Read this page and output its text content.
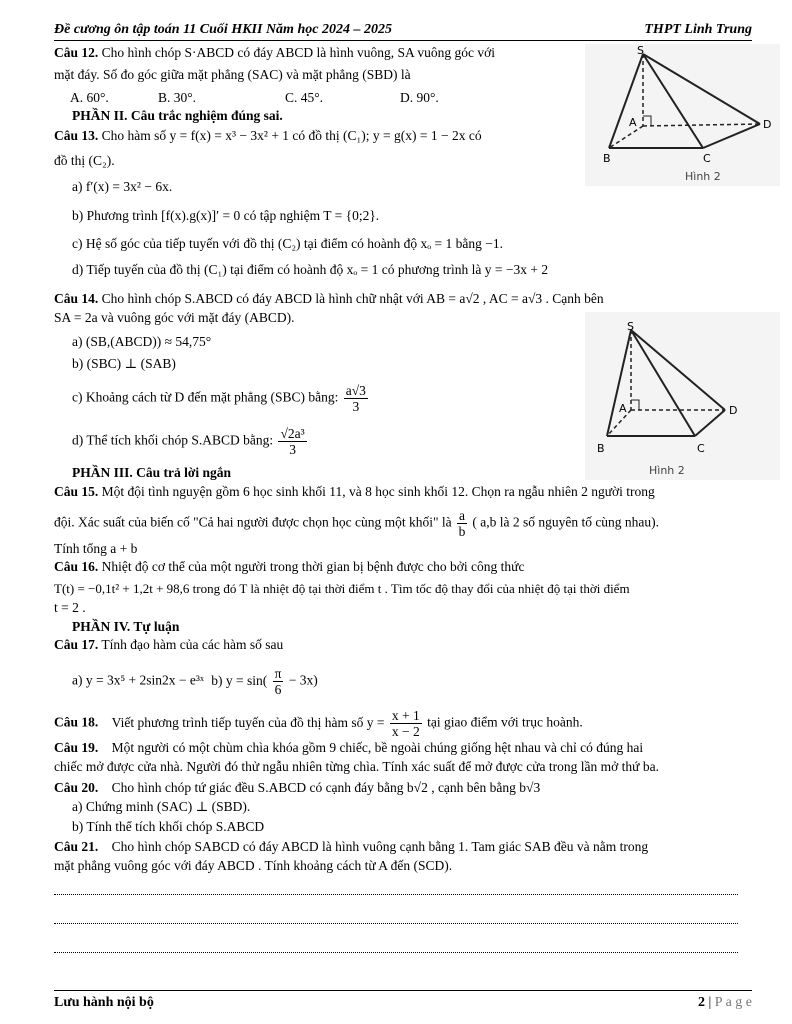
Đề cương ôn tập toán 11 Cuối HKII Năm học 2024 – 2025	THPT Linh Trung
S
A	D
B	C
Hình 2
S
A	D
B	C
Hình 2
Câu 12. Cho hình chóp S·ABCD có đáy ABCD là hình vuông, SA vuông góc với
mặt đáy. Số đo góc giữa mặt phẳng (SAC) và mặt phẳng (SBD) là
A. 60°.	B. 30°.	C. 45°.	D. 90°.
PHẦN II. Câu trắc nghiệm đúng sai.
Câu 13. Cho hàm số y = f(x) = x³ − 3x² + 1 có đồ thị (C₁); y = g(x) = 1 − 2x có
đồ thị (C₂).
a) f′(x) = 3x² − 6x.
b) Phương trình [f(x).g(x)]′ = 0 có tập nghiệm T = {0;2}.
c) Hệ số góc của tiếp tuyến với đồ thị (C₂) tại điểm có hoành độ xₒ = 1 bằng −1.
d) Tiếp tuyến của đồ thị (C₁) tại điểm có hoành độ xₒ = 1 có phương trình là y = −3x + 2
Câu 14. Cho hình chóp S.ABCD có đáy ABCD là hình chữ nhật với AB = a√2 , AC = a√3 . Cạnh bên
SA = 2a và vuông góc với mặt đáy (ABCD).
a) (SB,(ABCD)) ≈ 54,75°
b) (SBC) ⊥ (SAB)
c) Khoảng cách từ D đến mặt phẳng (SBC) bằng: $\frac{a√3}{3}$
d) Thể tích khối chóp S.ABCD bằng: $\frac{\text{√2a³}}{3}$
PHẦN III. Câu trả lời ngắn
Câu 15. Một đội tình nguyện gồm 6 học sinh khối 11, và 8 học sinh khối 12. Chọn ra ngẫu nhiên 2 người trong
đội. Xác suất của biến cố "Cả hai người được chọn học cùng một khối" là $\frac{a}{b}$ ( a,b là 2 số nguyên tố cùng nhau).
Tính tổng a + b
Câu 16. Nhiệt độ cơ thể của một người trong thời gian bị bệnh được cho bởi công thức
T(t) = −0,1t² + 1,2t + 98,6 trong đó T là nhiệt độ tại thời điểm t . Tìm tốc độ thay đổi của nhiệt độ tại thời điểm
t = 2 .
PHẦN IV. Tự luận
Câu 17. Tính đạo hàm của các hàm số sau
a) y = 3x⁵ + 2sin2x − e³ˣ b) $y = \sin( \frac{\pi}{6} - 3x)$
Câu 18. Viết phương trình tiếp tuyến của đồ thị hàm số $y = \frac{x + 1}{x - 2}$ tại giao điểm với trục hoành.
Câu 19. Một người có một chùm chìa khóa gồm 9 chiếc, bề ngoài chúng giống hệt nhau và chỉ có đúng hai
chiếc mở được cửa nhà. Người đó thử ngẫu nhiên từng chìa. Tính xác suất để mở được cửa trong lần mở thứ ba.
Câu 20. Cho hình chóp tứ giác đều S.ABCD có cạnh đáy bằng b√2 , cạnh bên bằng b√3
a) Chứng minh (SAC) ⊥ (SBD).
b) Tính thể tích khối chóp S.ABCD
Câu 21. Cho hình chóp SABCD có đáy ABCD là hình vuông cạnh bằng 1. Tam giác SAB đều và nằm trong
mặt phẳng vuông góc với đáy ABCD . Tính khoảng cách từ A đến (SCD).
Lưu hành nội bộ	2 | P a g e
